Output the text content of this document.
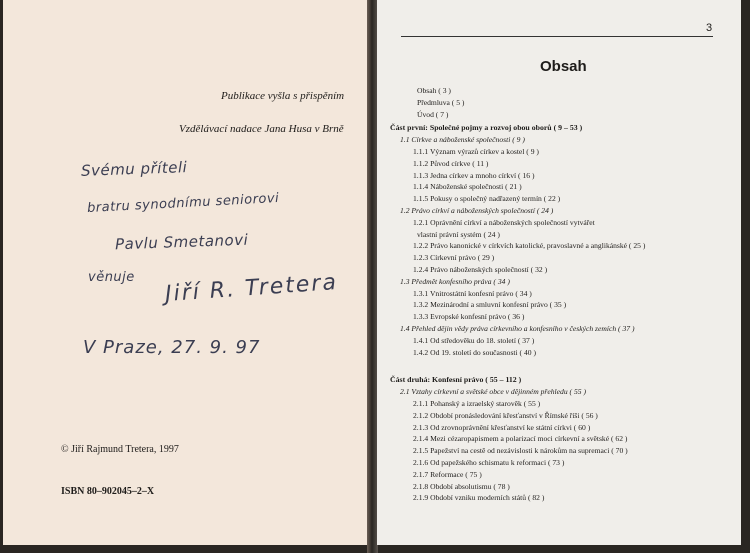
Publikace vyšla s přispěním
Vzdělávací nadace Jana Husa v Brně
Svému příteli
bratru synodnímu seniorovi
Pavlu Smetanovi
věnuje Jiří R. Tretera
V Praze, 27. 9. 97
© Jiří Rajmund Tretera, 1997
ISBN 80–902045–2–X
3
Obsah
Obsah ( 3 )
Předmluva ( 5 )
Úvod ( 7 )
Část první: Společné pojmy a rozvoj obou oborů ( 9 – 53 )
1.1 Církve a náboženské společnosti ( 9 )
1.1.1 Význam výrazů církev a kostel ( 9 )
1.1.2 Původ církve ( 11 )
1.1.3 Jedna církev a mnoho církví ( 16 )
1.1.4 Náboženské společnosti ( 21 )
1.1.5 Pokusy o společný nadřazený termín ( 22 )
1.2 Právo církví a náboženských společností ( 24 )
1.2.1 Oprávnění církví a náboženských společností vytvářet
vlastní právní systém ( 24 )
1.2.2 Právo kanonické v církvích katolické, pravoslavné a anglikánské ( 25 )
1.2.3 Církevní právo ( 29 )
1.2.4 Právo náboženských společností ( 32 )
1.3 Předmět konfesního práva ( 34 )
1.3.1 Vnitrostátní konfesní právo ( 34 )
1.3.2 Mezinárodní a smluvní konfesní právo ( 35 )
1.3.3 Evropské konfesní právo ( 36 )
1.4 Přehled dějin vědy práva církevního a konfesního v českých zemích ( 37 )
1.4.1 Od středověku do 18. století ( 37 )
1.4.2 Od 19. století do současnosti ( 40 )
Část druhá: Konfesní právo ( 55 – 112 )
2.1 Vztahy církevní a světské obce v dějinném přehledu ( 55 )
2.1.1 Pohanský a izraelský starověk ( 55 )
2.1.2 Období pronásledování křesťanství v Římské říši ( 56 )
2.1.3 Od zrovnoprávnění křesťanství ke státní církvi ( 60 )
2.1.4 Mezi cézaropapismem a polarizací moci církevní a světské ( 62 )
2.1.5 Papežství na cestě od nezávislosti k nárokům na supremaci ( 70 )
2.1.6 Od papežského schismatu k reformaci ( 73 )
2.1.7 Reformace ( 75 )
2.1.8 Období absolutismu ( 78 )
2.1.9 Období vzniku moderních států ( 82 )
